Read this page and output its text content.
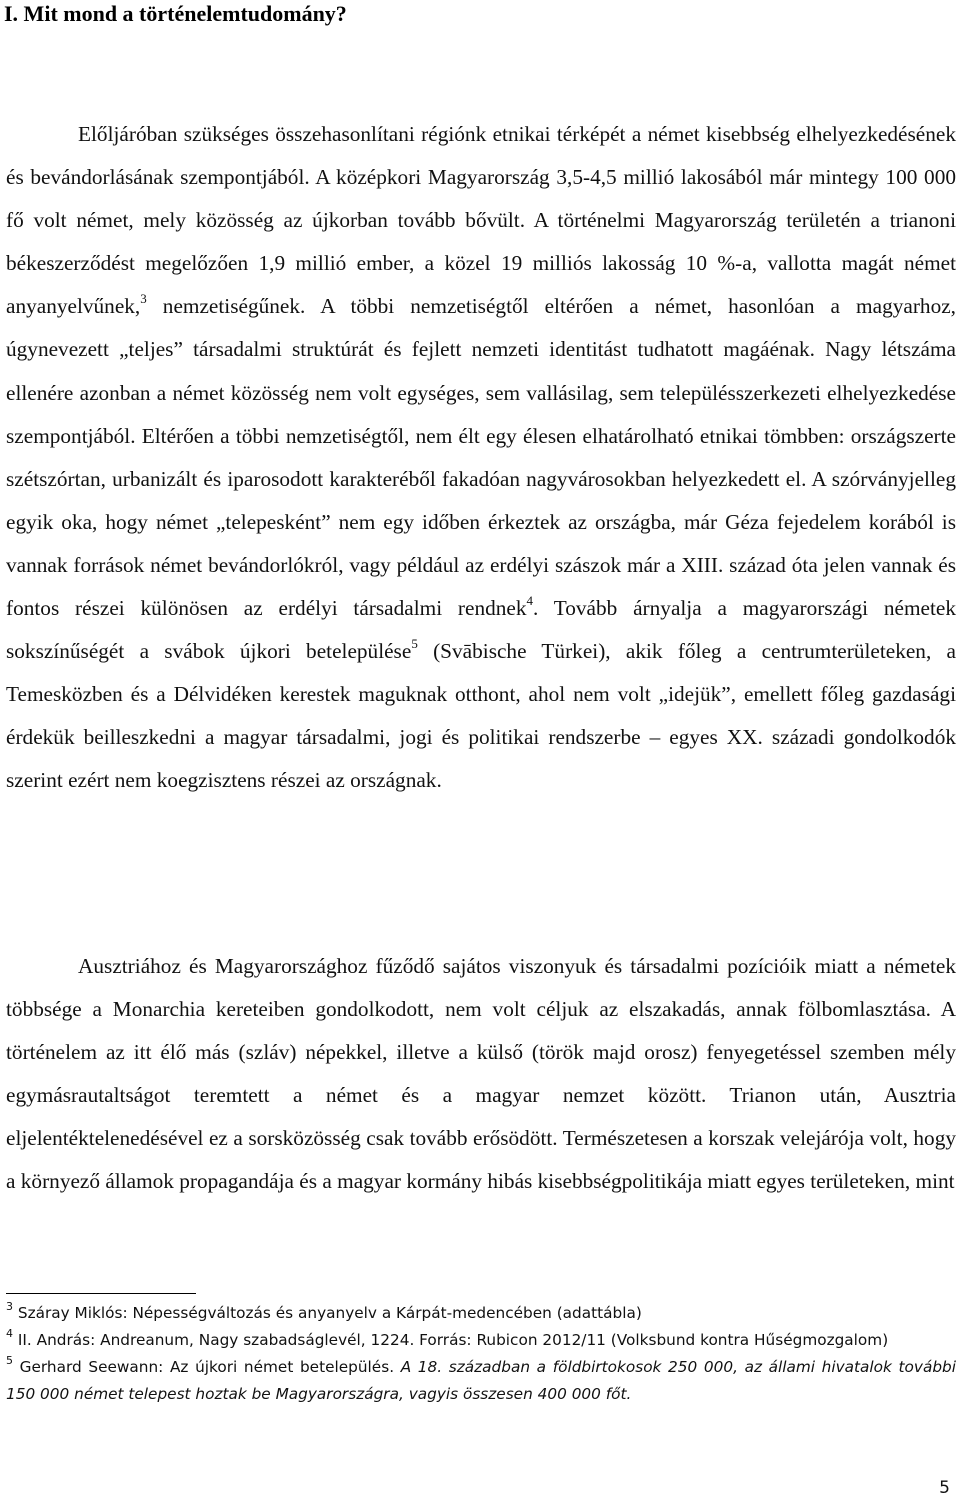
I. Mit mond a történelemtudomány?

Előljáróban szükséges összehasonlítani régiónk etnikai térképét a német kisebbség elhelyezkedésének és bevándorlásának szempontjából. A középkori Magyarország 3,5-4,5 millió lakosából már mintegy 100 000 fő volt német, mely közösség az újkorban tovább bővült. A történelmi Magyarország területén a trianoni békeszerződést megelőzően 1,9 millió ember, a közel 19 milliós lakosság 10 %-a, vallotta magát német anyanyelvűnek,$^3$ nemzetiségűnek. A többi nemzetiségtől eltérően a német, hasonlóan a magyarhoz, úgynevezett „teljes” társadalmi struktúrát és fejlett nemzeti identitást tudhatott magáénak. Nagy létszáma ellenére azonban a német közösség nem volt egységes, sem vallásilag, sem településszerkezeti elhelyezkedése szempontjából. Eltérően a többi nemzetiségtől, nem élt egy élesen elhatárolható etnikai tömbben: országszerte szétszórtan, urbanizált és iparosodott karakteréből fakadóan nagyvárosokban helyezkedett el. A szórványjelleg egyik oka, hogy német „telepesként” nem egy időben érkeztek az országba, már Géza fejedelem korából is vannak források német bevándorlókról, vagy például az erdélyi szászok már a XIII. század óta jelen vannak és fontos részei különösen az erdélyi társadalmi rendnek$^4$. Tovább árnyalja a magyarországi németek sokszínűségét a svábok újkori betelepülése$^5$ (Svābische Türkei), akik főleg a centrumterületeken, a Temesközben és a Délvidéken kerestek maguknak otthont, ahol nem volt „idejük”, emellett főleg gazdasági érdekük beilleszkedni a magyar társadalmi, jogi és politikai rendszerbe – egyes XX. századi gondolkodók szerint ezért nem koegzisztens részei az országnak.

Ausztriához és Magyarországhoz fűződő sajátos viszonyuk és társadalmi pozícióik miatt a németek többsége a Monarchia kereteiben gondolkodott, nem volt céljuk az elszakadás, annak fölbomlasztása. A történelem az itt élő más (szláv) népekkel, illetve a külső (török majd orosz) fenyegetéssel szemben mély egymásrautaltságot teremtett a német és a magyar nemzet között. Trianon után, Ausztria eljelentéktelenedésével ez a sorsközösség csak tovább erősödött. Természetesen a korszak velejárója volt, hogy a környező államok propagandája és a magyar kormány hibás kisebbségpolitikája miatt egyes területeken, mint

$^3$ Száray Miklós: Népességváltozás és anyanyelv a Kárpát-medencében (adattábla)

$^4$ II. András: Andreanum, Nagy szabadságlevél, 1224. Forrás: Rubicon 2012/11 (Volksbund kontra Hűségmozgalom)

$^5$ Gerhard Seewann: Az újkori német betelepülés. A 18. században a földbirtokosok 250 000, az állami hivatalok további 150 000 német telepest hoztak be Magyarországra, vagyis összesen 400 000 főt.

5
